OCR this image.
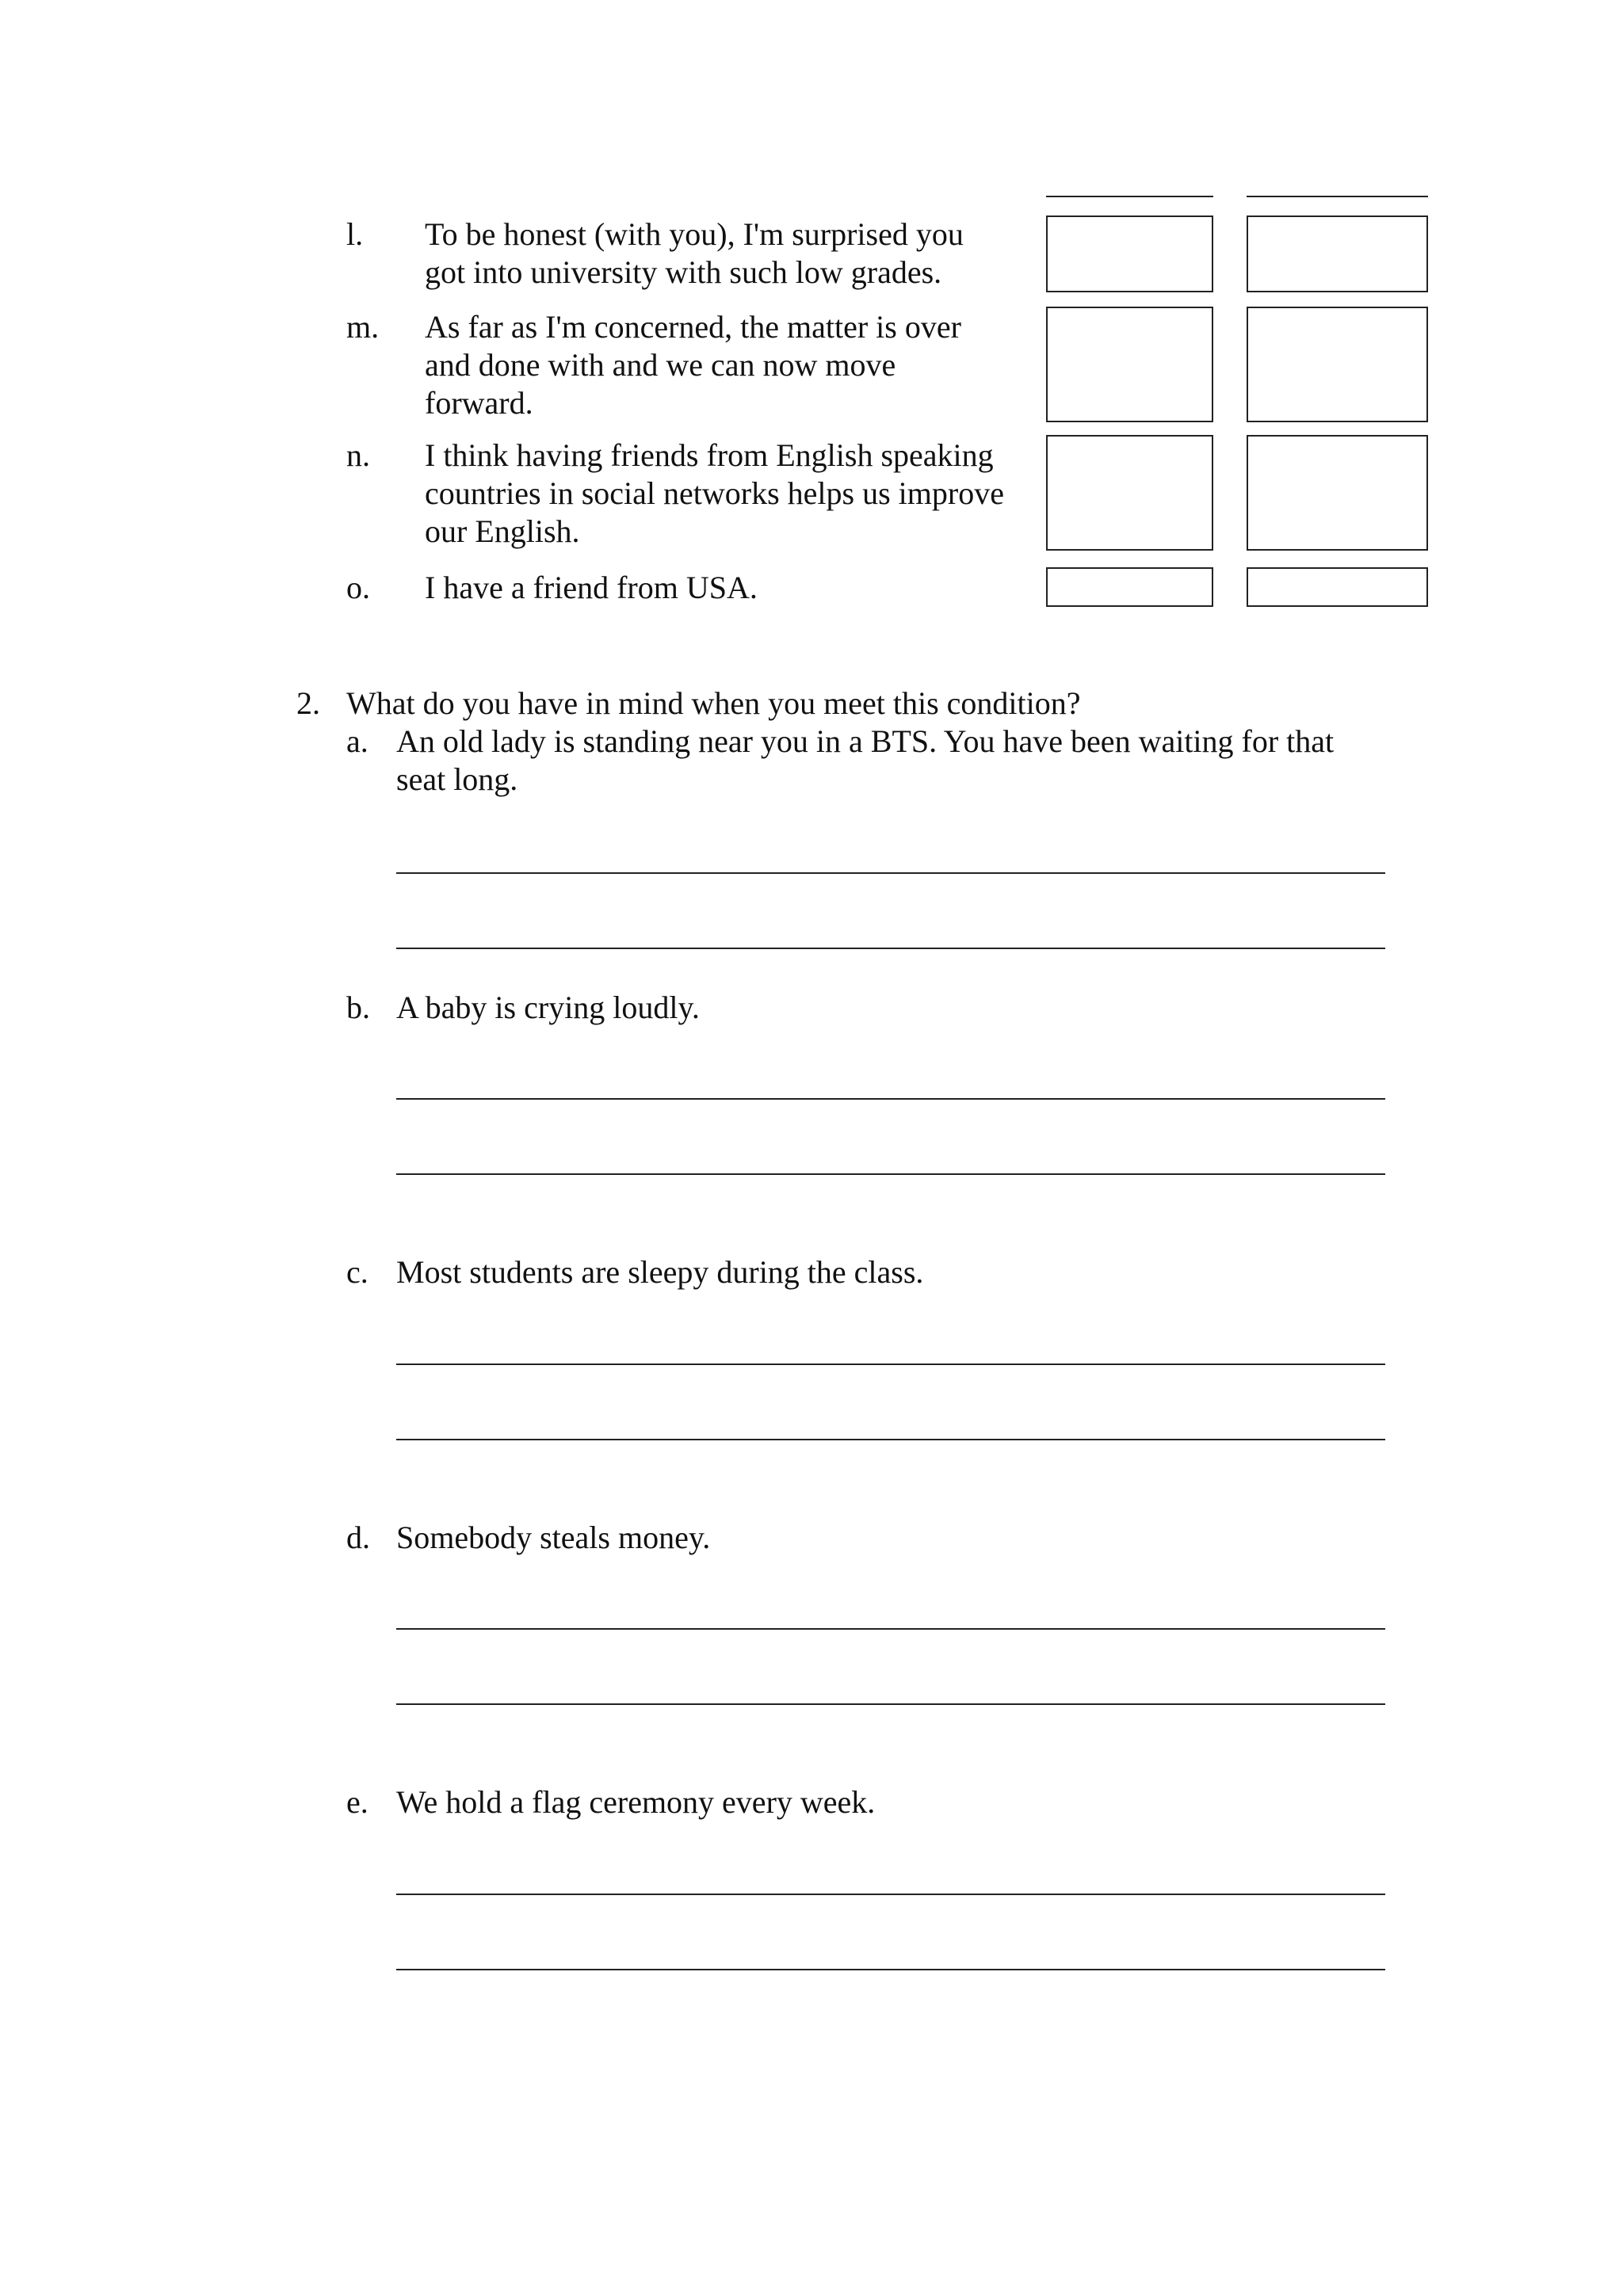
l. To be honest (with you), I'm surprised you
got into university with such low grades.
m. As far as I'm concerned, the matter is over
and done with and we can now move
forward.
n. I think having friends from English speaking
countries in social networks helps us improve
our English.
o. I have a friend from USA.
2. What do you have in mind when you meet this condition?
a. An old lady is standing near you in a BTS. You have been waiting for that
seat long.
b. A baby is crying loudly.
c. Most students are sleepy during the class.
d. Somebody steals money.
e. We hold a flag ceremony every week.
